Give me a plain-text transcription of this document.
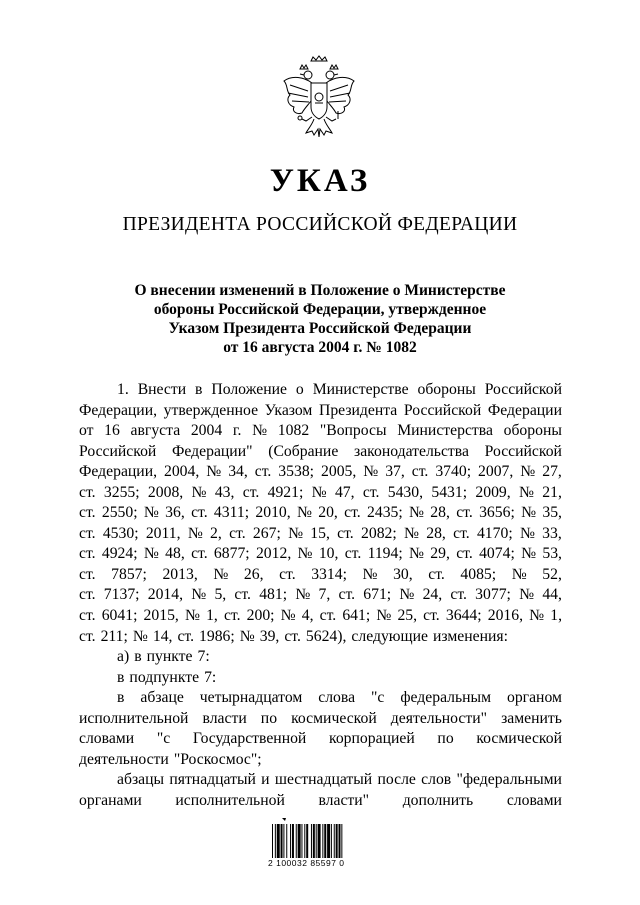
УКАЗ
ПРЕЗИДЕНТА РОССИЙСКОЙ ФЕДЕРАЦИИ
О внесении изменений в Положение о Министерстве
обороны Российской Федерации, утвержденное
Указом Президента Российской Федерации
от 16 августа 2004 г. № 1082
1. Внести в Положение о Министерстве обороны Российской
Федерации, утвержденное Указом Президента Российской Федерации
от 16 августа 2004 г. № 1082 "Вопросы Министерства обороны
Российской Федерации" (Собрание законодательства Российской
Федерации, 2004, № 34, ст. 3538; 2005, № 37, ст. 3740; 2007, № 27,
ст. 3255; 2008, № 43, ст. 4921; № 47, ст. 5430, 5431; 2009, № 21,
ст. 2550; № 36, ст. 4311; 2010, № 20, ст. 2435; № 28, ст. 3656; № 35,
ст. 4530; 2011, № 2, ст. 267; № 15, ст. 2082; № 28, ст. 4170; № 33,
ст. 4924; № 48, ст. 6877; 2012, № 10, ст. 1194; № 29, ст. 4074; № 53,
ст. 7857; 2013, № 26, ст. 3314; № 30, ст. 4085; № 52,
ст. 7137; 2014, № 5, ст. 481; № 7, ст. 671; № 24, ст. 3077; № 44,
ст. 6041; 2015, № 1, ст. 200; № 4, ст. 641; № 25, ст. 3644; 2016, № 1,
ст. 211; № 14, ст. 1986; № 39, ст. 5624), следующие изменения:
а) в пункте 7:
в подпункте 7:
в абзаце четырнадцатом слова "с федеральным органом
исполнительной власти по космической деятельности" заменить
словами "с Государственной корпорацией по космической
деятельности "Роскосмос";
абзацы пятнадцатый и шестнадцатый после слов "федеральными
органами исполнительной власти" дополнить словами
2 100032 85597 0
